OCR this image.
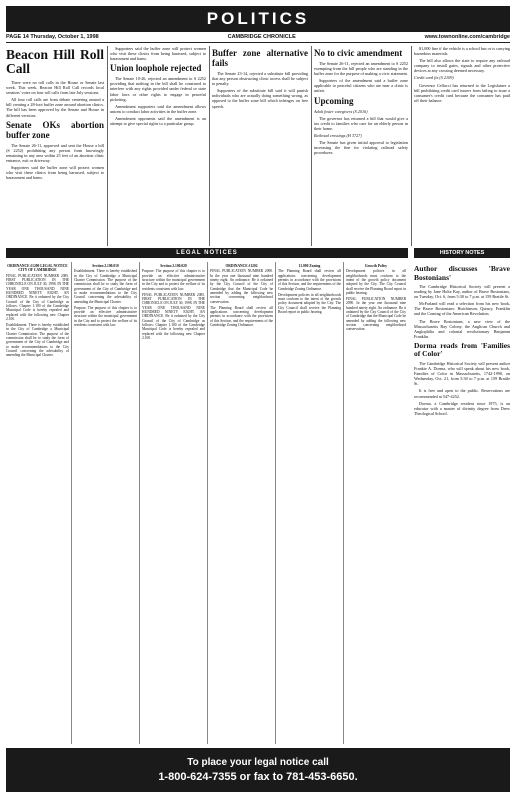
POLITICS
PAGE 14 Thursday, October 1, 1998	CAMBRIDGE CHRONICLE	www.townonline.com/cambridge
Beacon Hill Roll Call

There were no roll calls in the House or Senate last week. This week, Beacon Hill Roll Call records local senators' votes on four roll calls from late July sessions.

All four roll calls are from debate centering around a bill creating a 28-foot buffer zone around abortion clinics. The bill has been approved by the Senate and House in different versions.

Senate OKs abortion buffer zone

The Senate 26-11, approved and sent the House a bill (S 2252) prohibiting any person from knowingly remaining in any area within 25 feet of an abortion clinic entrance, exit or driveway.

Supporters said the buffer zone will protect women who visit these clinics from being harassed, subject to harassment and harm.

Supporters said the buffer zone will protect women who visit these clinics from being harassed, subject to harassment and harm.

Union loophole rejected

The Senate 10-26, rejected an amendment to S 2252 providing that nothing in the bill shall be construed to interfere with any rights provided under federal or state labor laws or other rights to engage in peaceful picketing.

Amendment supporters said the amendment allows unions to conduct labor activities in the buffer zone.

Amendment opponents said the amendment is an attempt to give special rights to a particular group.

Buffer zone alternative fails

The Senate 23-14, rejected a substitute bill providing that any person obstructing clinic access shall be subject to penalty.

Supporters of the substitute bill said it will punish individuals who are actually doing something wrong, as opposed to the buffer zone bill which infringes on free speech.

No to civic amendment

The Senate 26-11, rejected an amendment to S 2252 exempting from the bill people who are standing in the buffer zone for the purpose of making a civic statement.

Supporters of the amendment said a buffer zone applicable to peaceful citizens who are near a clinic is unfair.

Upcoming
Adult foster caregivers (S 2016)

The governor has returned a bill that would give a tax credit to families who care for an elderly person in their home.

Railroad crossings (H 3727)

The Senate has given initial approval to legislation increasing the fine for violating railroad safety procedures.

$1,000 fine if the vehicle is a school bus or is carrying hazardous materials.

The bill also allows the state to require any railroad company to install gates, signals and other protective devices at any crossing deemed necessary.

Credit card fix (S 2109)

Governor Cellucci has returned to the Legislature a bill prohibiting credit card issuers from failing to issue a consumer's credit card because the consumer has paid off their balance.

LEGAL NOTICES	HISTORY NOTES
ORDINANCE #1200 LEGAL NOTICE CITY OF CAMBRIDGE

FINAL PUBLICATION NUMBER 2085. FIRST PUBLICATION IN THE CHRONICLE ON JULY 30, 1998. IN THE YEAR ONE THOUSAND NINE HUNDRED NINETY EIGHT. AN ORDINANCE. Be it ordained by the City Council of the City of Cambridge as follows: Chapter 1.100 of the Cambridge Municipal Code is hereby repealed and replaced with the following new Chapter 2.100.

Establishment. There is hereby established in the City of Cambridge a Municipal Charter Commission. The purpose of the commission shall be to study the form of government of the City of Cambridge and to make recommendations to the City Council concerning the advisability of amending the Municipal Charter.

Section 2.100.010

Establishment. There is hereby established in the City of Cambridge a Municipal Charter Commission. The purpose of the commission shall be to study the form of government of the City of Cambridge and to make recommendations to the City Council concerning the advisability of amending the Municipal Charter.

Purpose. The purpose of this chapter is to provide an effective administrative structure within the municipal government in the City and to protect the welfare of its residents consistent with law.

Section 2.100.020

Purpose. The purpose of this chapter is to provide an effective administrative structure within the municipal government in the City and to protect the welfare of its residents consistent with law.

FINAL PUBLICATION NUMBER 2085. FIRST PUBLICATION IN THE CHRONICLE ON JULY 30, 1998. IN THE YEAR ONE THOUSAND NINE HUNDRED NINETY EIGHT. AN ORDINANCE. Be it ordained by the City Council of the City of Cambridge as follows: Chapter 1.100 of the Cambridge Municipal Code is hereby repealed and replaced with the following new Chapter 2.100.

ORDINANCE #1202

FINAL PUBLICATION NUMBER 2090. In the year one thousand nine hundred ninety eight. An ordinance. Be it ordained by the City Council of the City of Cambridge that the Municipal Code be amended by adding the following new section concerning neighborhood conservation.

The Planning Board shall review all applications concerning development permits in accordance with the provisions of this Section, and the requirements of the Cambridge Zoning Ordinance.

11.000 Zoning

The Planning Board shall review all applications concerning development permits in accordance with the provisions of this Section, and the requirements of the Cambridge Zoning Ordinance.

Development policies in all neighborhoods must conform to the intent of the growth policy document adopted by the City. The City Council shall receive the Planning Board report in public hearing.

Growth Policy

Development policies in all neighborhoods must conform to the intent of the growth policy document adopted by the City. The City Council shall receive the Planning Board report in public hearing.

FINAL PUBLICATION NUMBER 2090. In the year one thousand nine hundred ninety eight. An ordinance. Be it ordained by the City Council of the City of Cambridge that the Municipal Code be amended by adding the following new section concerning neighborhood conservation.

Author discusses 'Brave Bostonians'

The Cambridge Historical Society will present a reading by Jane Holtz Kay, author of Brave Bostonians, on Tuesday, Oct. 6, from 5:30 to 7 p.m. at 159 Brattle St.

McFarland will read a selection from his new book, The Brave Bostonians: Hutchinson, Quincy, Franklin and the Coming of the American Revolution.

The Brave Bostonians, a new view of the Massachusetts Bay Colony, the Anglican Church and Anglophilia and colonial revolutionary Benjamin Franklin.

Dorma reads from 'Families of Color'

The Cambridge Historical Society will present author Frankie A. Dorma, who will speak about his new book, Families of Color in Massachusetts, 1742-1990, on Wednesday, Oct. 21, from 5:30 to 7 p.m. at 159 Brattle St.

It is free and open to the public. Reservations are recommended at 547-4252.

Dorma, a Cambridge resident since 1975, is an educator with a master of divinity degree from Drew Theological School.

To place your legal notice call
1-800-624-7355 or fax to 781-453-6650.
